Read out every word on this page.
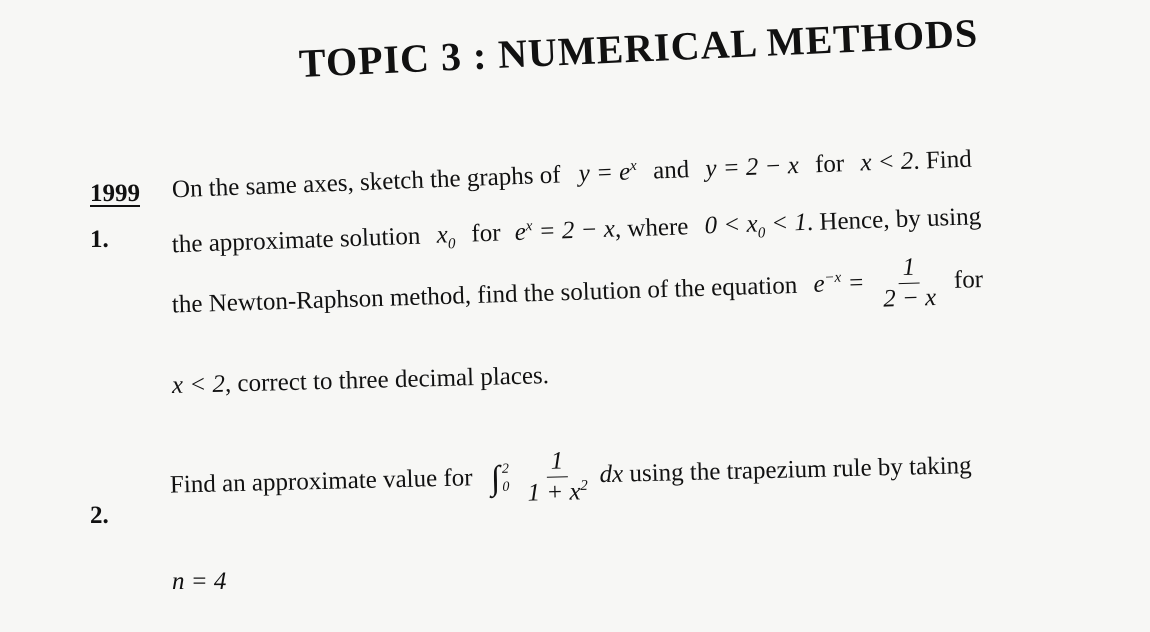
TOPIC 3 : NUMERICAL METHODS
1999
1.
On the same axes, sketch the graphs of $y = e^x$ and y = 2 − x for x < 2. Find
the approximate solution $x_0$ for $e^x = 2 - x$, where $0 < x_0 < 1$. Hence, by using
the Newton-Raphson method, find the solution of the equation $e^{-x} = \frac{1}{2 - x}$ for
x < 2, correct to three decimal places.
2.
Find an approximate value for ∫ 2
$0 \frac{1}{1 + x^2}$ dx using the trapezium rule by taking
n = 4
